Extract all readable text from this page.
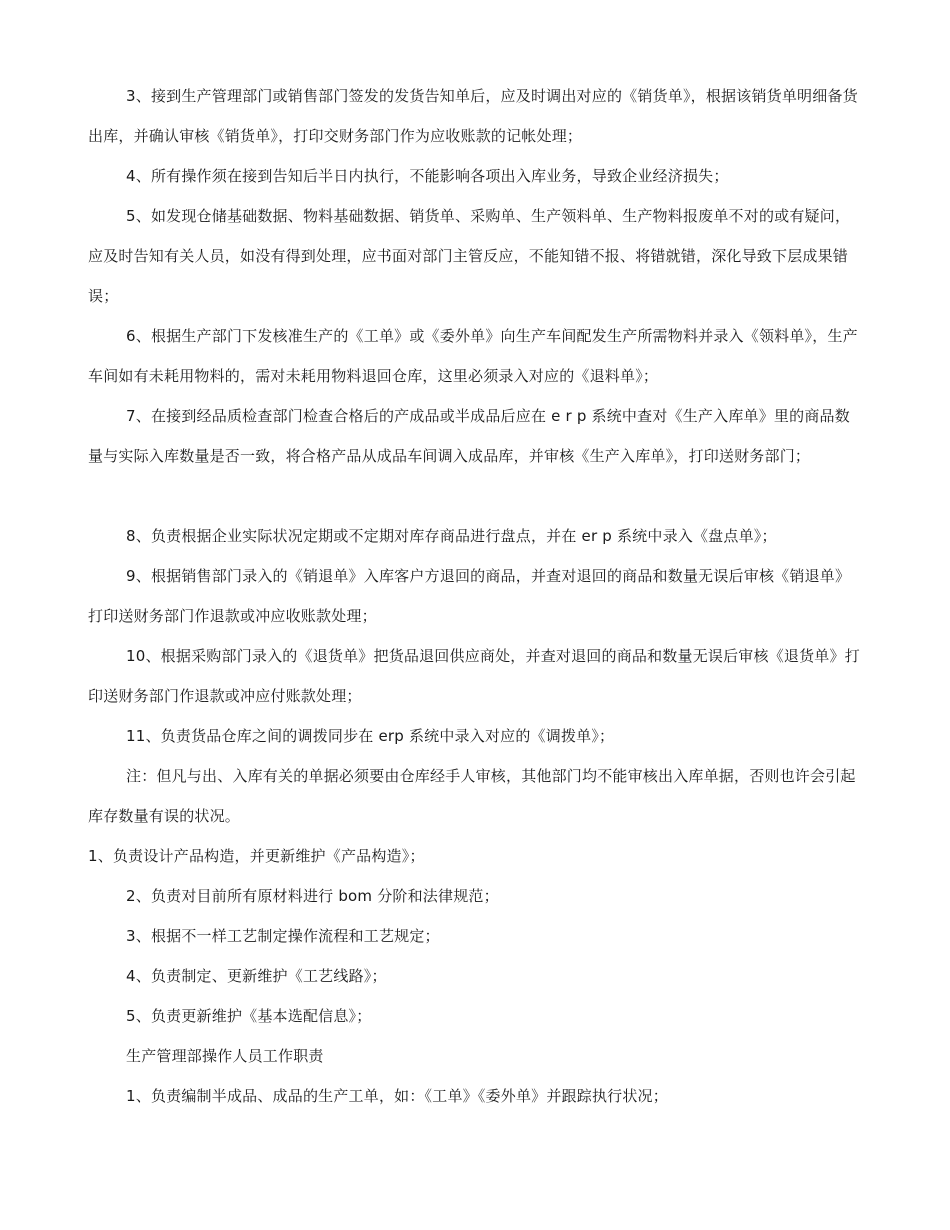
3、接到生产管理部门或销售部门签发的发货告知单后，应及时调出对应的《销货单》，根据该销货单明细备货出库，并确认审核《销货单》，打印交财务部门作为应收账款的记帐处理；

4、所有操作须在接到告知后半日内执行，不能影响各项出入库业务，导致企业经济损失；

5、如发现仓储基础数据、物料基础数据、销货单、采购单、生产领料单、生产物料报废单不对的或有疑问，应及时告知有关人员，如没有得到处理，应书面对部门主管反应，不能知错不报、将错就错，深化导致下层成果错误；

6、根据生产部门下发核准生产的《工单》或《委外单》向生产车间配发生产所需物料并录入《领料单》，生产车间如有未耗用物料的，需对未耗用物料退回仓库，这里必须录入对应的《退料单》；

7、在接到经品质检查部门检查合格后的产成品或半成品后应在 e r p 系统中查对《生产入库单》里的商品数量与实际入库数量是否一致，将合格产品从成品车间调入成品库，并审核《生产入库单》，打印送财务部门；

8、负责根据企业实际状况定期或不定期对库存商品进行盘点，并在 er p 系统中录入《盘点单》；

9、根据销售部门录入的《销退单》入库客户方退回的商品，并查对退回的商品和数量无误后审核《销退单》打印送财务部门作退款或冲应收账款处理；

10、根据采购部门录入的《退货单》把货品退回供应商处，并查对退回的商品和数量无误后审核《退货单》打印送财务部门作退款或冲应付账款处理；

11、负责货品仓库之间的调拨同步在 erp 系统中录入对应的《调拨单》；

注：但凡与出、入库有关的单据必须要由仓库经手人审核，其他部门均不能审核出入库单据，否则也许会引起库存数量有误的状况。

1、负责设计产品构造，并更新维护《产品构造》；

2、负责对目前所有原材料进行 bom 分阶和法律规范；

3、根据不一样工艺制定操作流程和工艺规定；

4、负责制定、更新维护《工艺线路》；

5、负责更新维护《基本选配信息》；

生产管理部操作人员工作职责

1、负责编制半成品、成品的生产工单，如：《工单》《委外单》并跟踪执行状况；
